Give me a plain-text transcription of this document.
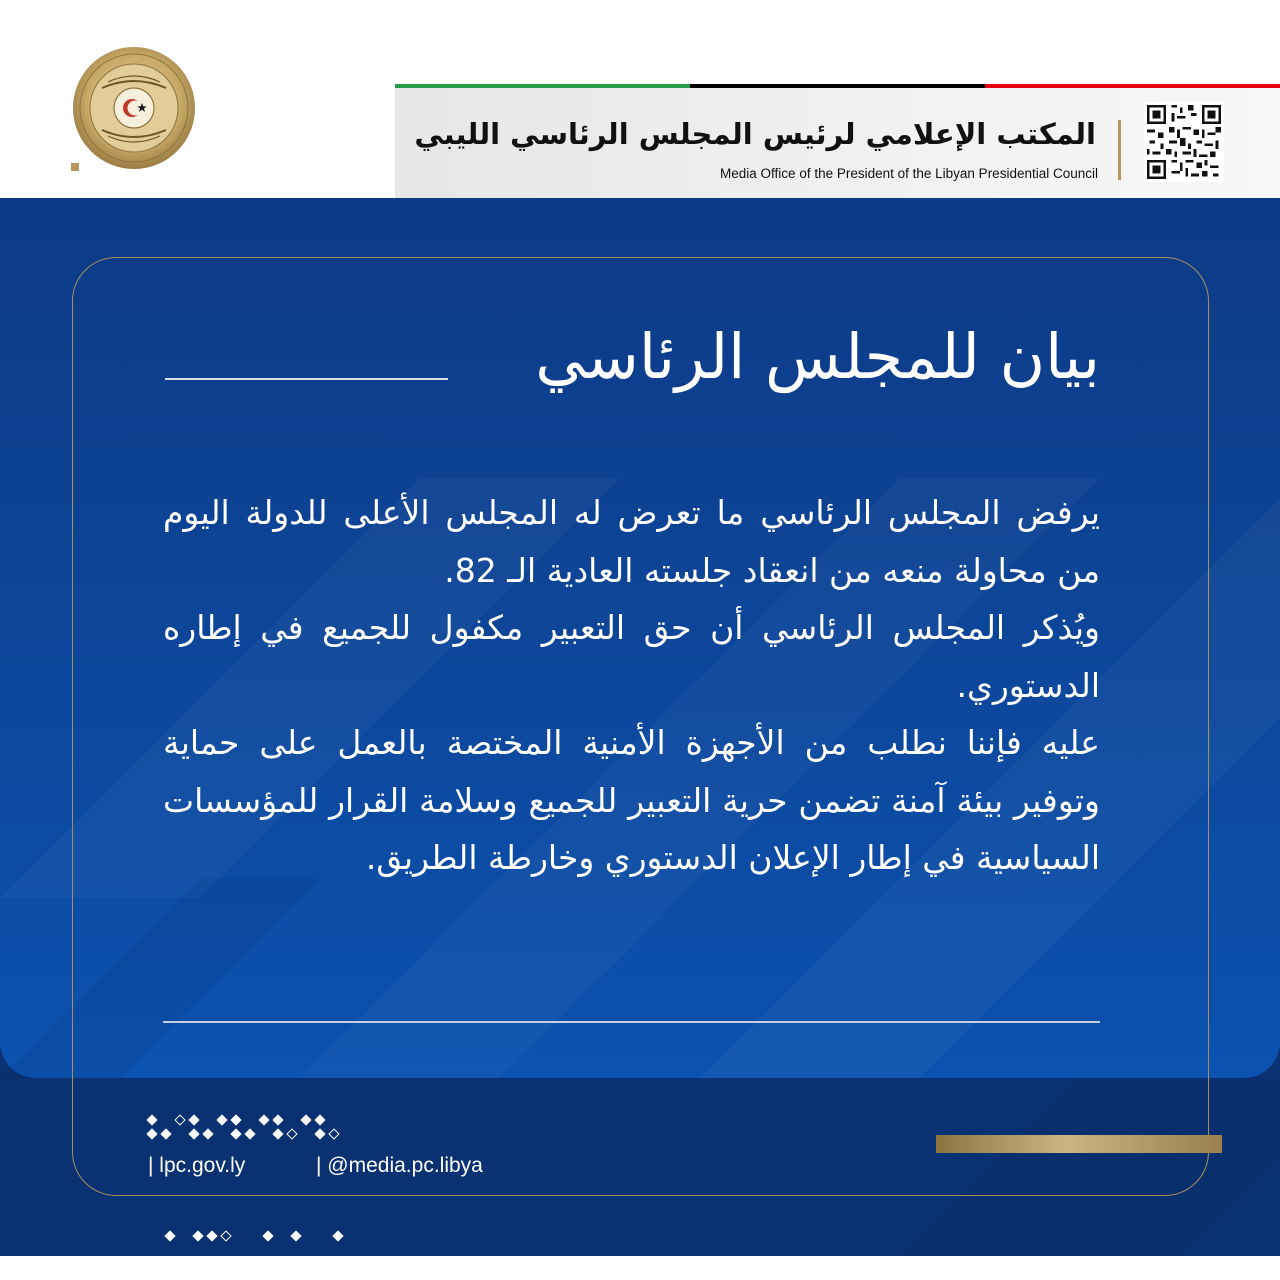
المكتب الإعلامي لرئيس المجلس الرئاسي الليبي
Media Office of the President of the Libyan Presidential Council
بيان للمجلس الرئاسي

يرفض المجلس الرئاسي ما تعرض له المجلس الأعلى للدولة اليوم من محاولة منعه من انعقاد جلسته العادية الـ 82.

ويُذكر المجلس الرئاسي أن حق التعبير مكفول للجميع في إطاره الدستوري.

عليه فإننا نطلب من الأجهزة الأمنية المختصة بالعمل على حماية وتوفير بيئة آمنة تضمن حرية التعبير للجميع وسلامة القرار للمؤسسات السياسية في إطار الإعلان الدستوري وخارطة الطريق.

| lpc.gov.ly	| @media.pc.libya
